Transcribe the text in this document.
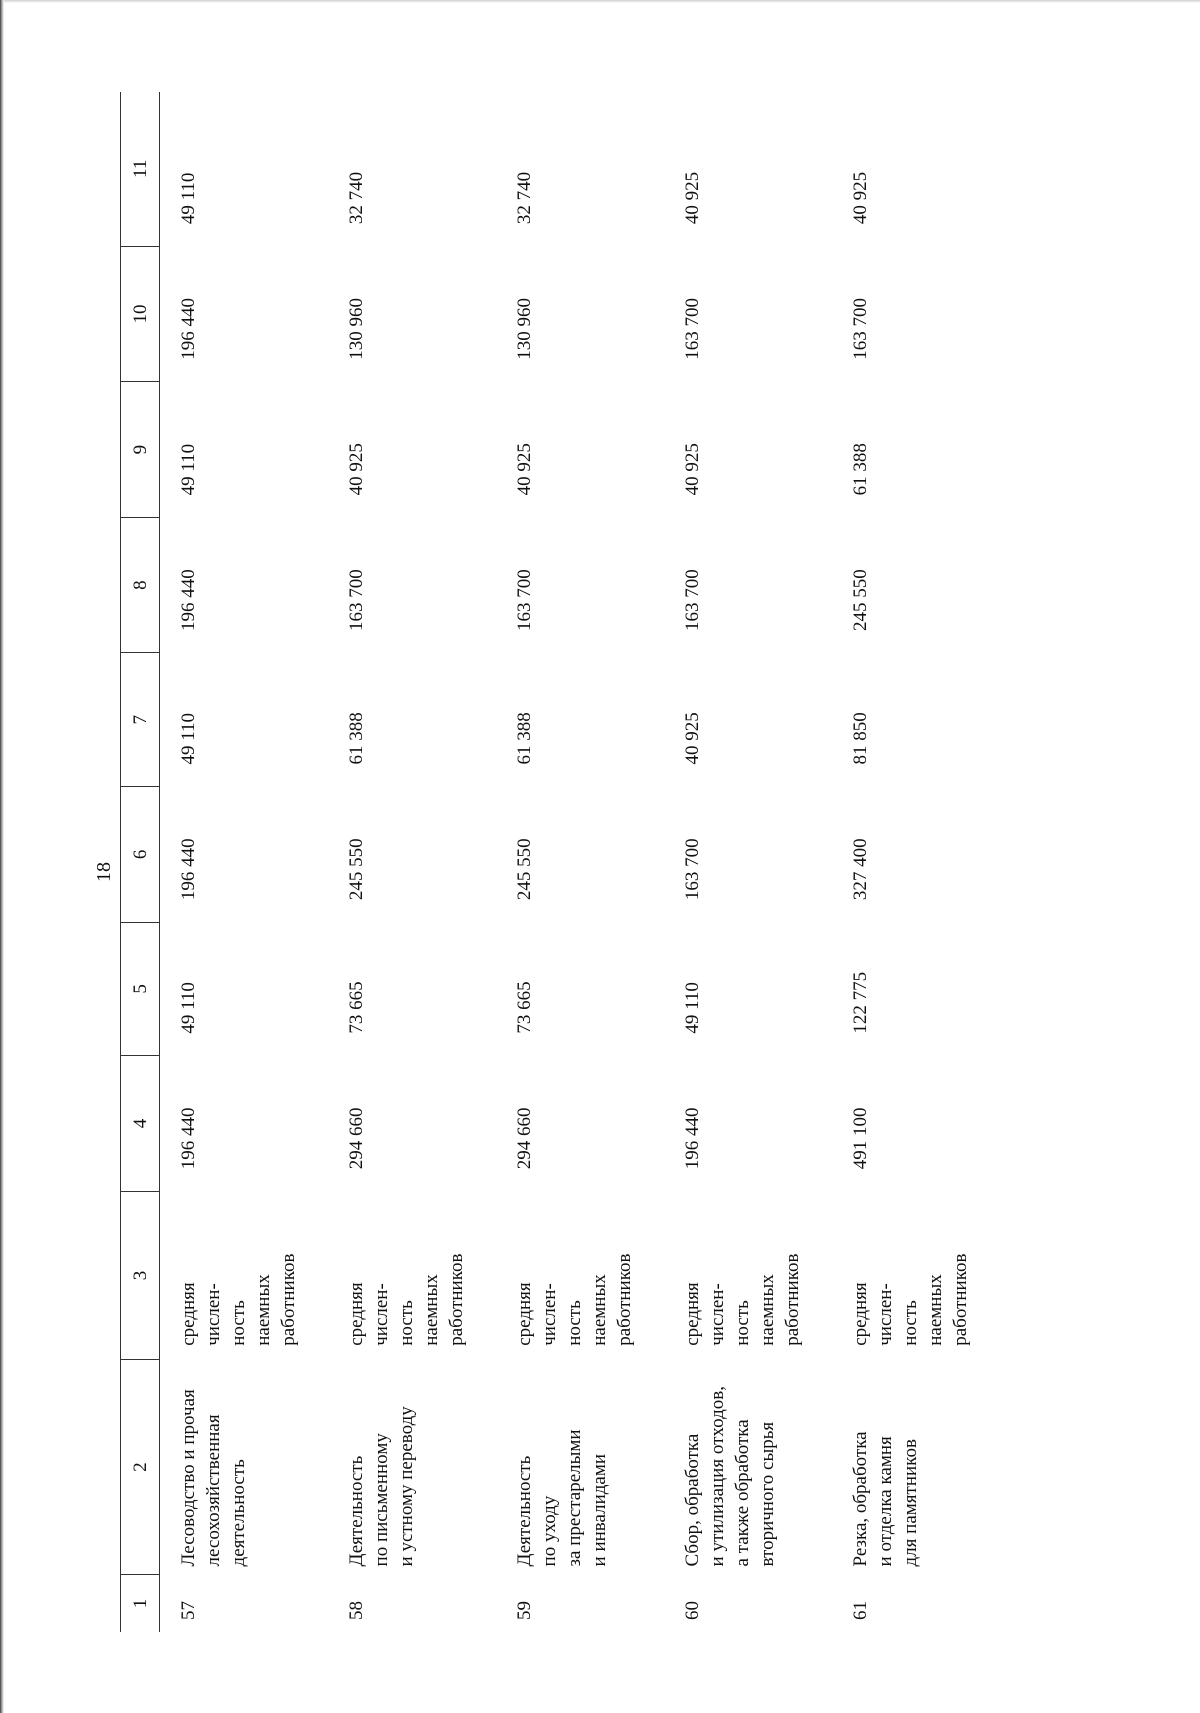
18
1	2	3	4	5	6	7	8	9	10	11
57	Лесоводство и прочая лесохозяйственная деятельность	средняя числен- ность наемных работников	196 440	49 110	196 440	49 110	196 440	49 110	196 440	49 110
58	Деятельность по письменному и устному переводу	средняя числен- ность наемных работников	294 660	73 665	245 550	61 388	163 700	40 925	130 960	32 740
59	Деятельность по уходу за престарелыми и инвалидами	средняя числен- ность наемных работников	294 660	73 665	245 550	61 388	163 700	40 925	130 960	32 740
60	Сбор, обработка и утилизация отходов, а также обработка вторичного сырья	средняя числен- ность наемных работников	196 440	49 110	163 700	40 925	163 700	40 925	163 700	40 925
61	Резка, обработка и отделка камня для памятников	средняя числен- ность наемных работников	491 100	122 775	327 400	81 850	245 550	61 388	163 700	40 925
